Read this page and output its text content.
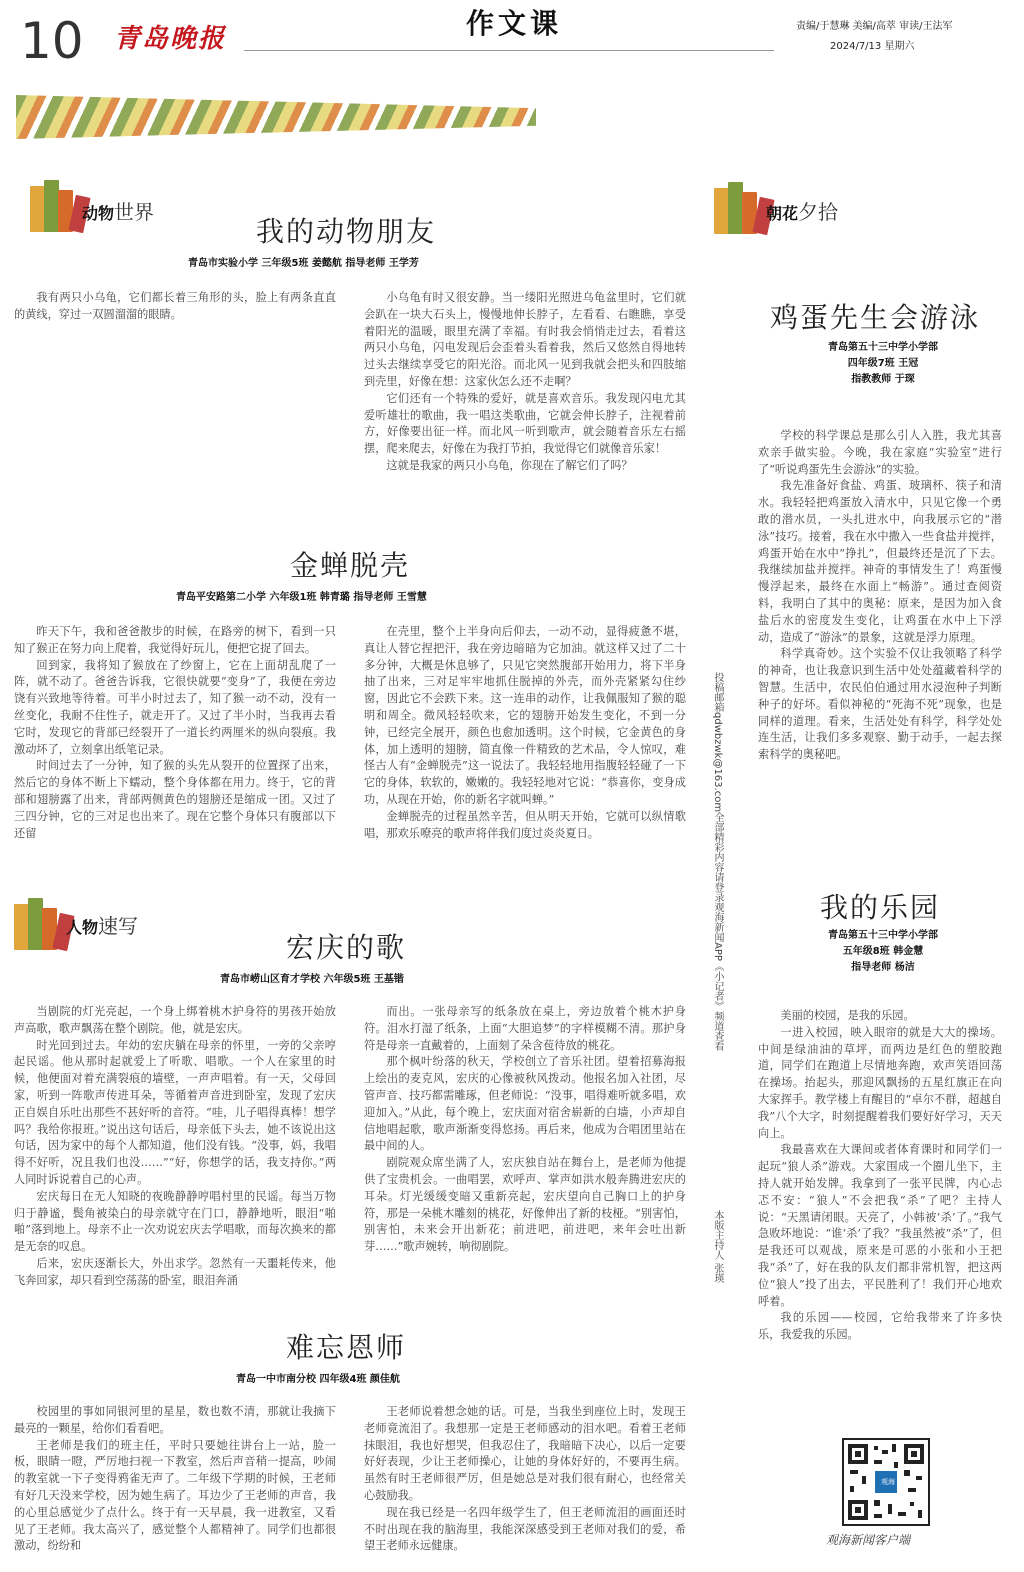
10 青岛晚报	作文课	责编/于慧琳 美编/高萃 审读/王法军
2024/7/13 星期六
动物世界	朝花夕拾
人物速写
我的动物朋友
青岛市实验小学 三年级5班 姜懿航 指导老师 王学芳

我有两只小乌龟，它们都长着三角形的头，脸上有两条直直的黄线，穿过一双圆溜溜的眼睛。

小乌龟有时又很安静。当一缕阳光照进乌龟盆里时，它们就会趴在一块大石头上，慢慢地伸长脖子，左看看、右瞧瞧，享受着阳光的温暖，眼里充满了幸福。有时我会悄悄走过去，看着这两只小乌龟，闪电发现后会歪着头看着我，然后又悠然自得地转过头去继续享受它的阳光浴。而北风一见到我就会把头和四肢缩到壳里，好像在想：这家伙怎么还不走啊？

它们还有一个特殊的爱好，就是喜欢音乐。我发现闪电尤其爱听雄壮的歌曲，我一唱这类歌曲，它就会伸长脖子，注视着前方，好像要出征一样。而北风一听到歌声，就会随着音乐左右摇摆，爬来爬去，好像在为我打节拍，我觉得它们就像音乐家！

这就是我家的两只小乌龟，你现在了解它们了吗？

金蝉脱壳
青岛平安路第二小学 六年级1班 韩青璐 指导老师 王雪慧

昨天下午，我和爸爸散步的时候，在路旁的树下，看到一只知了猴正在努力向上爬着，我觉得好玩儿，便把它捉了回去。

回到家，我将知了猴放在了纱窗上，它在上面胡乱爬了一阵，就不动了。爸爸告诉我，它很快就要“变身”了，我便在旁边饶有兴致地等待着。可半小时过去了，知了猴一动不动，没有一丝变化，我耐不住性子，就走开了。又过了半小时，当我再去看它时，发现它的背部已经裂开了一道长约两厘米的纵向裂痕。我激动坏了，立刻拿出纸笔记录。

时间过去了一分钟，知了猴的头先从裂开的位置探了出来，然后它的身体不断上下蠕动，整个身体都在用力。终于，它的背部和翅膀露了出来，背部两侧黄色的翅膀还是缩成一团。又过了三四分钟，它的三对足也出来了。现在它整个身体只有腹部以下还留

在壳里，整个上半身向后仰去，一动不动，显得疲惫不堪，真让人替它捏把汗，我在旁边暗暗为它加油。就这样又过了二十多分钟，大概是休息够了，只见它突然腹部开始用力，将下半身抽了出来，三对足牢牢地抓住脱掉的外壳，而外壳紧紧勾住纱窗，因此它不会跌下来。这一连串的动作，让我佩服知了猴的聪明和周全。微风轻轻吹来，它的翅膀开始发生变化，不到一分钟，已经完全展开，颜色也愈加透明。这个时候，它金黄色的身体，加上透明的翅膀，简直像一件精致的艺术品，令人惊叹，难怪古人有“金蝉脱壳”这一说法了。我轻轻地用指腹轻轻碰了一下它的身体，软软的，嫩嫩的。我轻轻地对它说：“恭喜你，变身成功，从现在开始，你的新名字就叫蝉。”

金蝉脱壳的过程虽然辛苦，但从明天开始，它就可以纵情歌唱，那欢乐嘹亮的歌声将伴我们度过炎炎夏日。

宏庆的歌
青岛市崂山区育才学校 六年级5班 王基锴

当剧院的灯光亮起，一个身上绑着桃木护身符的男孩开始放声高歌，歌声飘荡在整个剧院。他，就是宏庆。

时光回到过去。年幼的宏庆躺在母亲的怀里，一旁的父亲哼起民谣。他从那时起就爱上了听歌、唱歌。一个人在家里的时候，他便面对着充满裂痕的墙壁，一声声唱着。有一天，父母回家，听到一阵歌声传进耳朵，等循着声音进到卧室，发现了宏庆正自娱自乐吐出那些不甚好听的音符。“哇，儿子唱得真棒！想学吗？我给你报班。”说出这句话后，母亲低下头去，她不该说出这句话，因为家中的每个人都知道，他们没有钱。“没事，妈，我唱得不好听，况且我们也没……”“好，你想学的话，我支持你。”两人同时诉说着自己的心声。

宏庆每日在无人知晓的夜晚静静哼唱村里的民谣。每当万物归于静谧，鬓角被染白的母亲就守在门口，静静地听，眼泪“啪啪”落到地上。母亲不止一次劝说宏庆去学唱歌，而每次换来的都是无奈的叹息。

后来，宏庆逐渐长大，外出求学。忽然有一天噩耗传来，他飞奔回家，却只看到空荡荡的卧室，眼泪奔涌

而出。一张母亲写的纸条放在桌上，旁边放着个桃木护身符。泪水打湿了纸条，上面“大胆追梦”的字样模糊不清。那护身符是母亲一直戴着的，上面刻了朵含苞待放的桃花。

那个枫叶纷落的秋天，学校创立了音乐社团。望着招募海报上绘出的麦克风，宏庆的心像被秋风拨动。他报名加入社团，尽管声音、技巧都需雕琢，但老师说：“没事，唱得难听就多唱，欢迎加入。”从此，每个晚上，宏庆面对宿舍崭新的白墙，小声却自信地唱起歌，歌声渐渐变得悠扬。再后来，他成为合唱团里站在最中间的人。

剧院观众席坐满了人，宏庆独自站在舞台上，是老师为他提供了宝贵机会。一曲唱罢，欢呼声、掌声如洪水般奔腾进宏庆的耳朵。灯光缓缓变暗又重新亮起，宏庆望向自己胸口上的护身符，那是一朵桃木雕刻的桃花，好像伸出了新的枝桠。“别害怕，别害怕，未来会开出新花；前进吧，前进吧，来年会吐出新芽……”歌声婉转，响彻剧院。

难忘恩师
青岛一中市南分校 四年级4班 颜佳航

校园里的事如同银河里的星星，数也数不清，那就让我摘下最亮的一颗星，给你们看看吧。

王老师是我们的班主任，平时只要她往讲台上一站，脸一板，眼睛一瞪，严厉地扫视一下教室，然后声音稍一提高，吵闹的教室就一下子变得鸦雀无声了。二年级下学期的时候，王老师有好几天没来学校，因为她生病了。耳边少了王老师的声音，我的心里总感觉少了点什么。终于有一天早晨，我一进教室，又看见了王老师。我太高兴了，感觉整个人都精神了。同学们也都很激动，纷纷和

王老师说着想念她的话。可是，当我坐到座位上时，发现王老师竟流泪了。我想那一定是王老师感动的泪水吧。看着王老师抹眼泪，我也好想哭，但我忍住了，我暗暗下决心，以后一定要好好表现，少让王老师操心，让她的身体好好的，不要再生病。虽然有时王老师很严厉，但是她总是对我们很有耐心，也经常关心鼓励我。

现在我已经是一名四年级学生了，但王老师流泪的画面还时不时出现在我的脑海里，我能深深感受到王老师对我们的爱，希望王老师永远健康。

投稿邮箱qdwbzwk@163.com全部精彩内容请登录观海新闻APP《小记者》频道查看
本版主持人 张瑛
鸡蛋先生会游泳
青岛第五十三中学小学部
四年级7班 王冠
指教教师 于琛

学校的科学课总是那么引人入胜，我尤其喜欢亲手做实验。今晚，我在家庭“实验室”进行了“听说鸡蛋先生会游泳”的实验。

我先准备好食盐、鸡蛋、玻璃杯、筷子和清水。我轻轻把鸡蛋放入清水中，只见它像一个勇敢的潜水员，一头扎进水中，向我展示它的“潜泳”技巧。接着，我在水中撒入一些食盐并搅拌，鸡蛋开始在水中“挣扎”，但最终还是沉了下去。我继续加盐并搅拌。神奇的事情发生了！鸡蛋慢慢浮起来，最终在水面上“畅游”。通过查阅资料，我明白了其中的奥秘：原来，是因为加入食盐后水的密度发生变化，让鸡蛋在水中上下浮动，造成了“游泳”的景象，这就是浮力原理。

科学真奇妙。这个实验不仅让我领略了科学的神奇，也让我意识到生活中处处蕴藏着科学的智慧。生活中，农民伯伯通过用水浸泡种子判断种子的好坏。看似神秘的“死海不死”现象，也是同样的道理。看来，生活处处有科学，科学处处连生活，让我们多多观察、勤于动手，一起去探索科学的奥秘吧。

我的乐园
青岛第五十三中学小学部
五年级8班 韩金慧
指导老师 杨洁

美丽的校园，是我的乐园。

一进入校园，映入眼帘的就是大大的操场。中间是绿油油的草坪，而两边是红色的塑胶跑道，同学们在跑道上尽情地奔跑，欢声笑语回荡在操场。抬起头，那迎风飘扬的五星红旗正在向大家挥手。教学楼上有醒目的“卓尔不群，超越自我”八个大字，时刻提醒着我们要好好学习，天天向上。

我最喜欢在大课间或者体育课时和同学们一起玩“狼人杀”游戏。大家围成一个圈儿坐下，主持人就开始发牌。我拿到了一张平民牌，内心忐忑不安：“狼人”不会把我“杀”了吧？主持人说：“天黑请闭眼。天亮了，小韩被‘杀’了。”我气急败坏地说：“谁‘杀’了我？”我虽然被“杀”了，但是我还可以观战，原来是可恶的小张和小王把我“杀”了，好在我的队友们都非常机智，把这两位“狼人”投了出去，平民胜利了！我们开心地欢呼着。

我的乐园——校园，它给我带来了许多快乐，我爱我的乐园。

观海
观海新闻客户端
